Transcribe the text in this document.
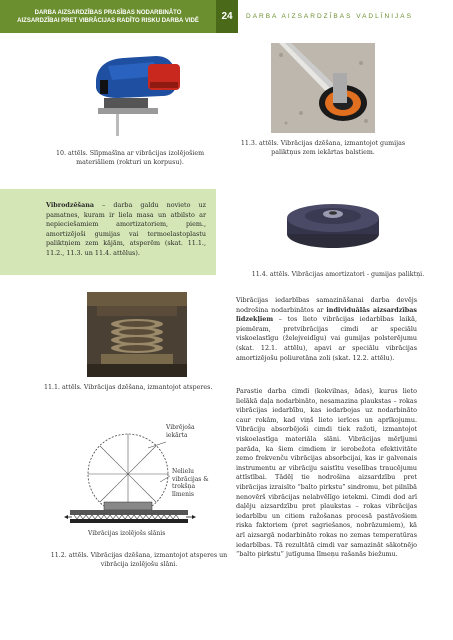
DARBA AIZSARDZĪBAS PRASĪBAS NODARBINĀTO
AIZSARDZĪBAI PRET VIBRĀCIJAS RADĪTO RISKU DARBA VIDĒ	24	DARBA AIZSARDZĪBAS VADLĪNIJAS
10. attēls. Slīpmašīna ar vibrācijas izolējošiem materiāliem (rokturi un korpusu).
11.3. attēls. Vibrācijas dzēšana, izmantojot gumijas paliktņus zem iekārtas balstiem.
Vibrodzēšana – darba galdu novieto uz pamatnes, kuram ir liela masa un atbilsto ar nepieciešamiem amortizatoriem, piem., amortizējoši gumijas vai termoelastoplastu paliktņiem zem kājām, atsperēm (skat. 11.1., 11.2., 11.3. un 11.4. attēlus).
11.4. attēls. Vibrācijas amortizatori - gumijas paliktņi.
11.1. attēls. Vibrācijas dzēšana, izmantojot atsperes.
Vibrējoša
iekārta
Nelielu
vibrācijas &
trokšņa
līmenis
Vibrācijas izolējošs slānis
11.2. attēls. Vibrācijas dzēšana, izmantojot atsperes un vibrācija izolējošu slāni.
Vibrācijas iedarbības samazināšanai darba devējs nodrošina nodarbinātos ar individuālās aizsardzības līdzekļiem – tos lieto vibrācijas iedarbības laikā, piemēram, pretvibrācijas cimdi ar speciālu viskoelastīgu (želejveidīgu) vai gumijas polsterējumu (skat. 12.1. attēlu), apavi ar speciālu vibrācijas amortizējošu poliuretāna zoli (skat. 12.2. attēlu).
Parastie darba cimdi (kokvilnas, ādas), kurus lieto lielākā daļa nodarbināto, nesamazina plaukstas – rokas vibrācijas iedarbību, kas iedarbojas uz nodarbināto caur rokām, kad viņš lieto ierīces un aprīkojumu. Vibrāciju absorbējoši cimdi tiek ražoti, izmantojot viskoelastīga materiāla slāni. Vibrācijas mērījumi parāda, ka šiem cimdiem ir ierobežota efektivitāte zemo frekvenču vibrācijas absorbcijai, kas ir galvenais instrumentu ar vibrāciju saistītu veselības traucējumu attīstībai. Tādēļ tie nodrošina aizsardzību pret vibrācijas izraisīto “balto pirkstu” sindromu, bet pilnībā nenovērš vibrācijas nelabvēlīgo ietekmi. Cimdi dod arī daļēju aizsardzību pret plaukstas – rokas vibrācijas iedarbību un citiem ražošanas procesā pastāvošiem riska faktoriem (pret sagriešanos, nobrāzumiem), kā arī aizsargā nodarbināto rokas no zemas temperatūras iedarbības. Tā rezultātā cimdi var samazināt sākotnējo “balto pirkstu” jutīguma līmeņu rašanās biežumu.
